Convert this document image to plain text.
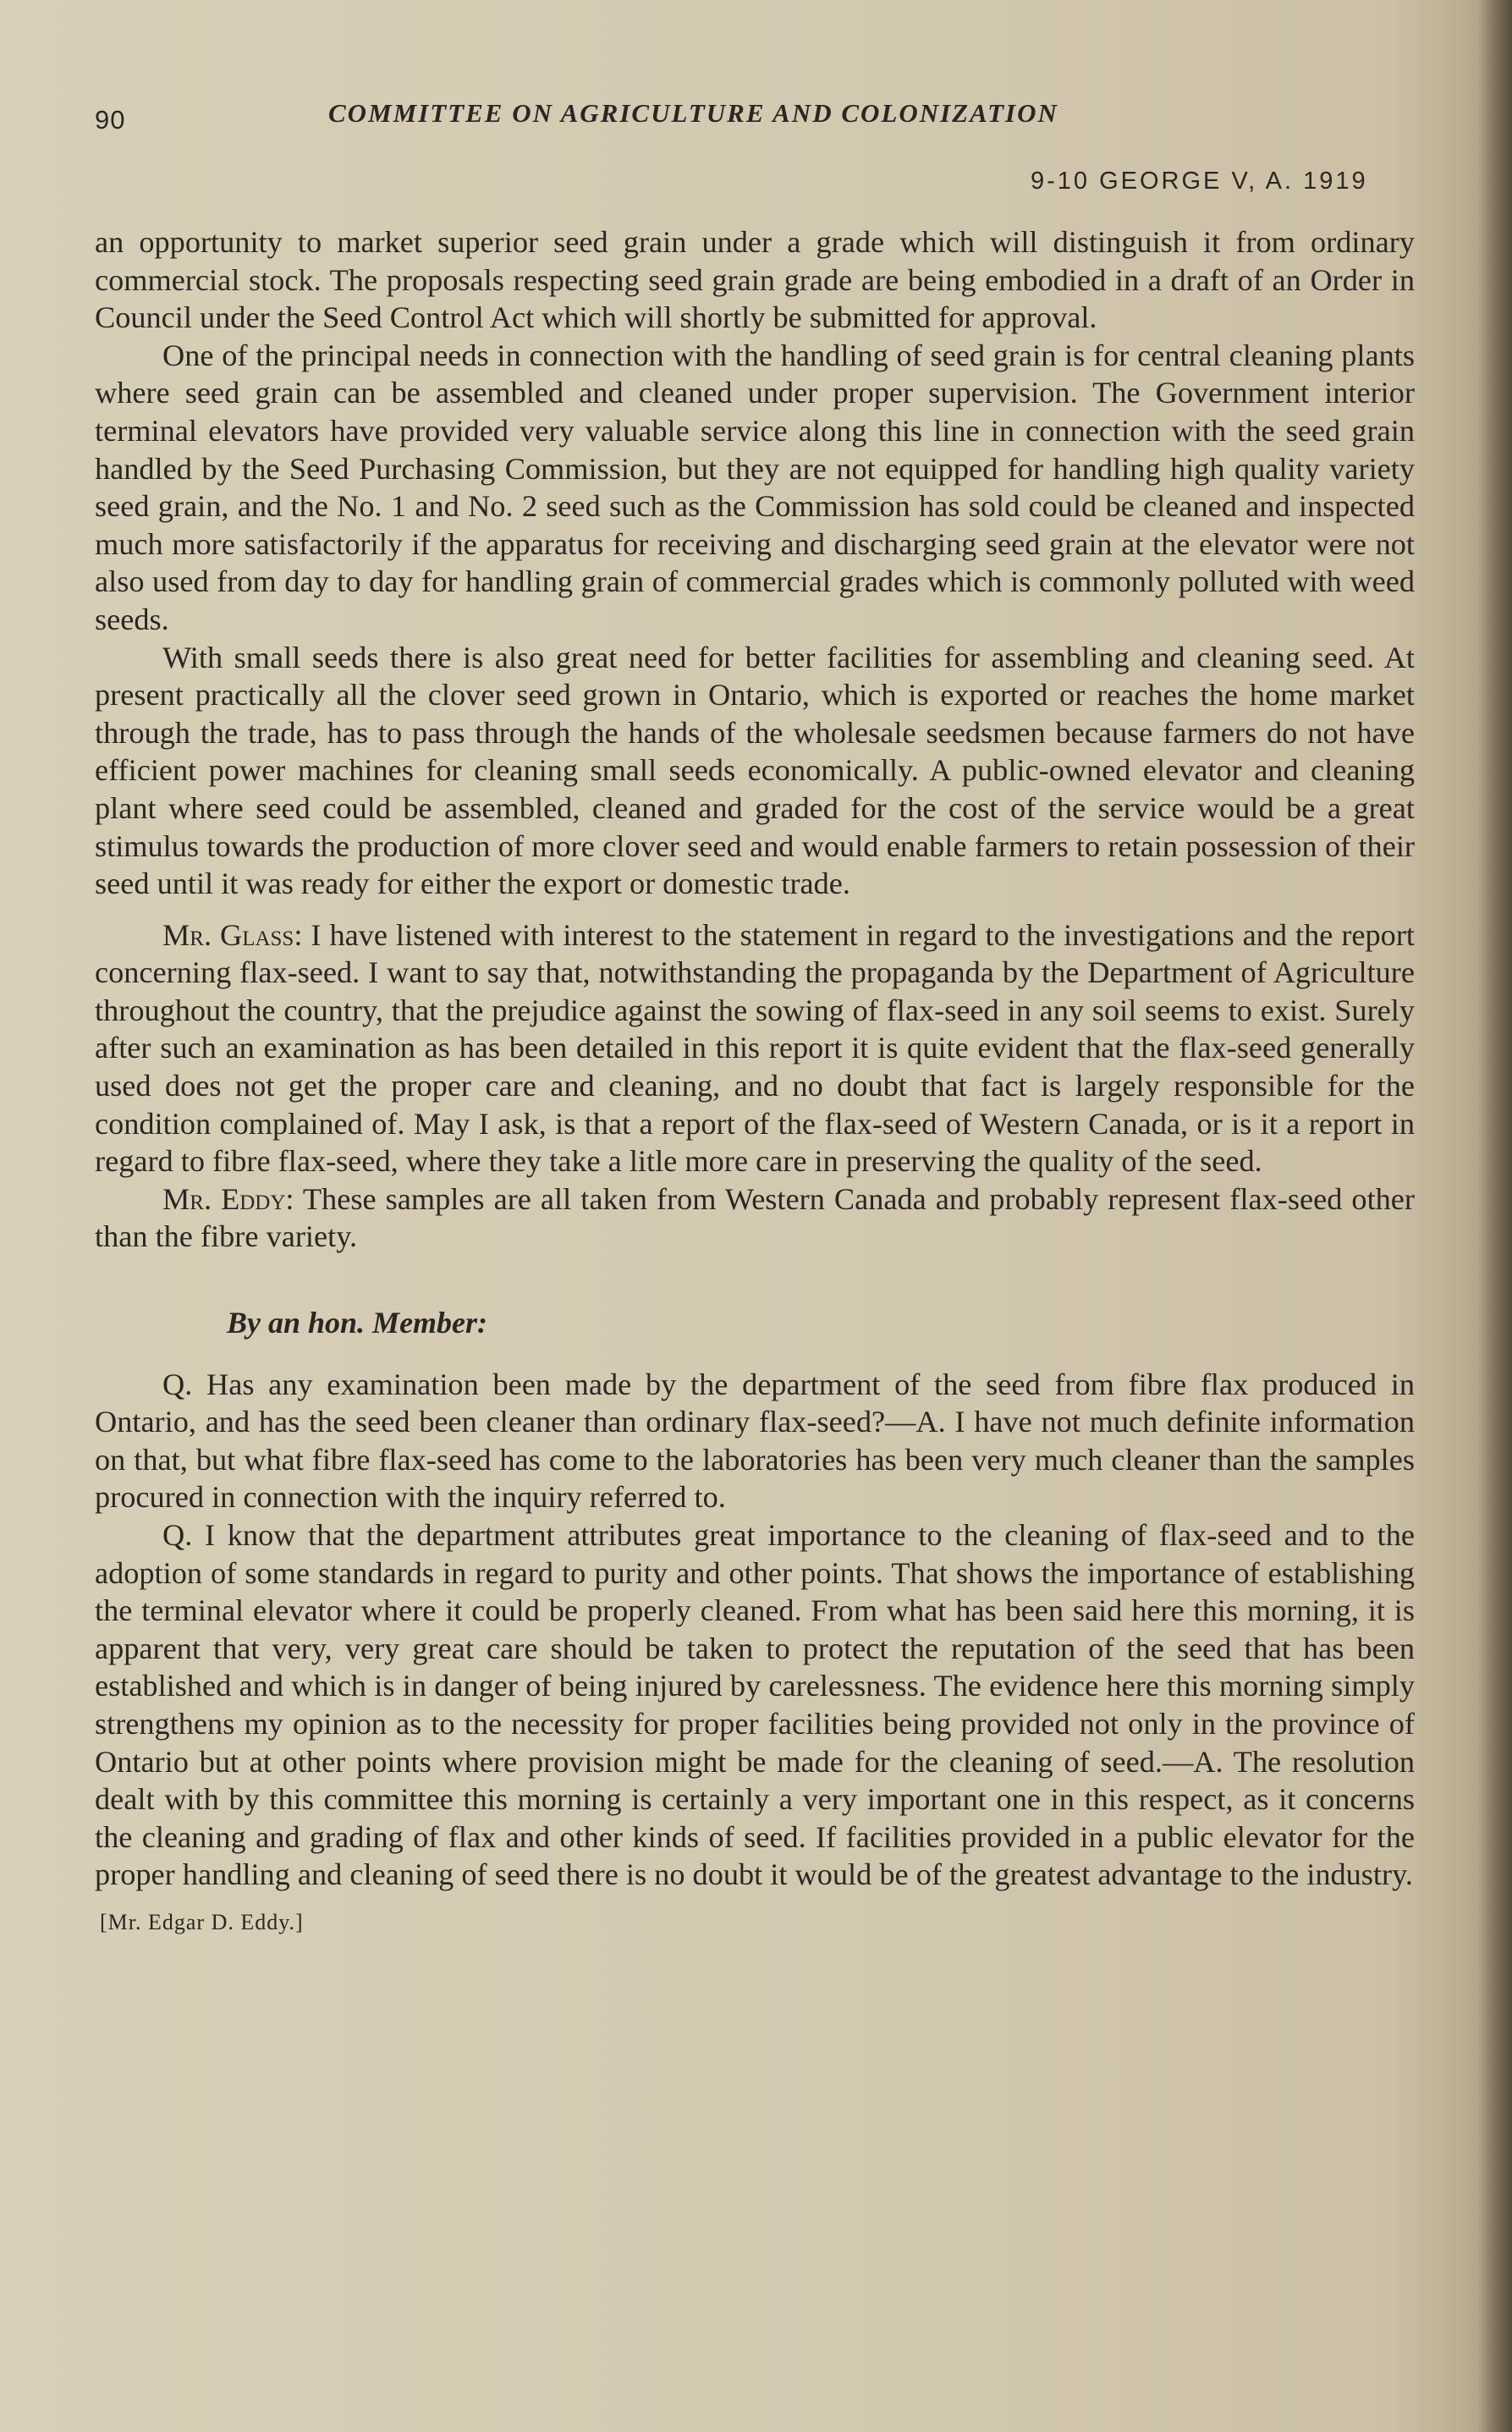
90	COMMITTEE ON AGRICULTURE AND COLONIZATION
9-10 GEORGE V, A. 1919

an opportunity to market superior seed grain under a grade which will distinguish it from ordinary commercial stock. The proposals respecting seed grain grade are being embodied in a draft of an Order in Council under the Seed Control Act which will shortly be submitted for approval.

One of the principal needs in connection with the handling of seed grain is for central cleaning plants where seed grain can be assembled and cleaned under proper supervision. The Government interior terminal elevators have provided very valuable service along this line in connection with the seed grain handled by the Seed Purchasing Commission, but they are not equipped for handling high quality variety seed grain, and the No. 1 and No. 2 seed such as the Commission has sold could be cleaned and inspected much more satisfactorily if the apparatus for receiving and discharging seed grain at the elevator were not also used from day to day for handling grain of commercial grades which is commonly polluted with weed seeds.

With small seeds there is also great need for better facilities for assembling and cleaning seed. At present practically all the clover seed grown in Ontario, which is exported or reaches the home market through the trade, has to pass through the hands of the wholesale seedsmen because farmers do not have efficient power machines for cleaning small seeds economically. A public-owned elevator and cleaning plant where seed could be assembled, cleaned and graded for the cost of the service would be a great stimulus towards the production of more clover seed and would enable farmers to retain possession of their seed until it was ready for either the export or domestic trade.

Mr. Glass: I have listened with interest to the statement in regard to the investigations and the report concerning flax-seed. I want to say that, notwithstanding the propaganda by the Department of Agriculture throughout the country, that the prejudice against the sowing of flax-seed in any soil seems to exist. Surely after such an examination as has been detailed in this report it is quite evident that the flax-seed generally used does not get the proper care and cleaning, and no doubt that fact is largely responsible for the condition complained of. May I ask, is that a report of the flax-seed of Western Canada, or is it a report in regard to fibre flax-seed, where they take a litle more care in preserving the quality of the seed.

Mr. Eddy: These samples are all taken from Western Canada and probably represent flax-seed other than the fibre variety.

By an hon. Member:

Q. Has any examination been made by the department of the seed from fibre flax produced in Ontario, and has the seed been cleaner than ordinary flax-seed?—A. I have not much definite information on that, but what fibre flax-seed has come to the laboratories has been very much cleaner than the samples procured in connection with the inquiry referred to.

Q. I know that the department attributes great importance to the cleaning of flax-seed and to the adoption of some standards in regard to purity and other points. That shows the importance of establishing the terminal elevator where it could be properly cleaned. From what has been said here this morning, it is apparent that very, very great care should be taken to protect the reputation of the seed that has been established and which is in danger of being injured by carelessness. The evidence here this morning simply strengthens my opinion as to the necessity for proper facilities being provided not only in the province of Ontario but at other points where provision might be made for the cleaning of seed.—A. The resolution dealt with by this committee this morning is certainly a very important one in this respect, as it concerns the cleaning and grading of flax and other kinds of seed. If facilities provided in a public elevator for the proper handling and cleaning of seed there is no doubt it would be of the greatest advantage to the industry.

[Mr. Edgar D. Eddy.]
